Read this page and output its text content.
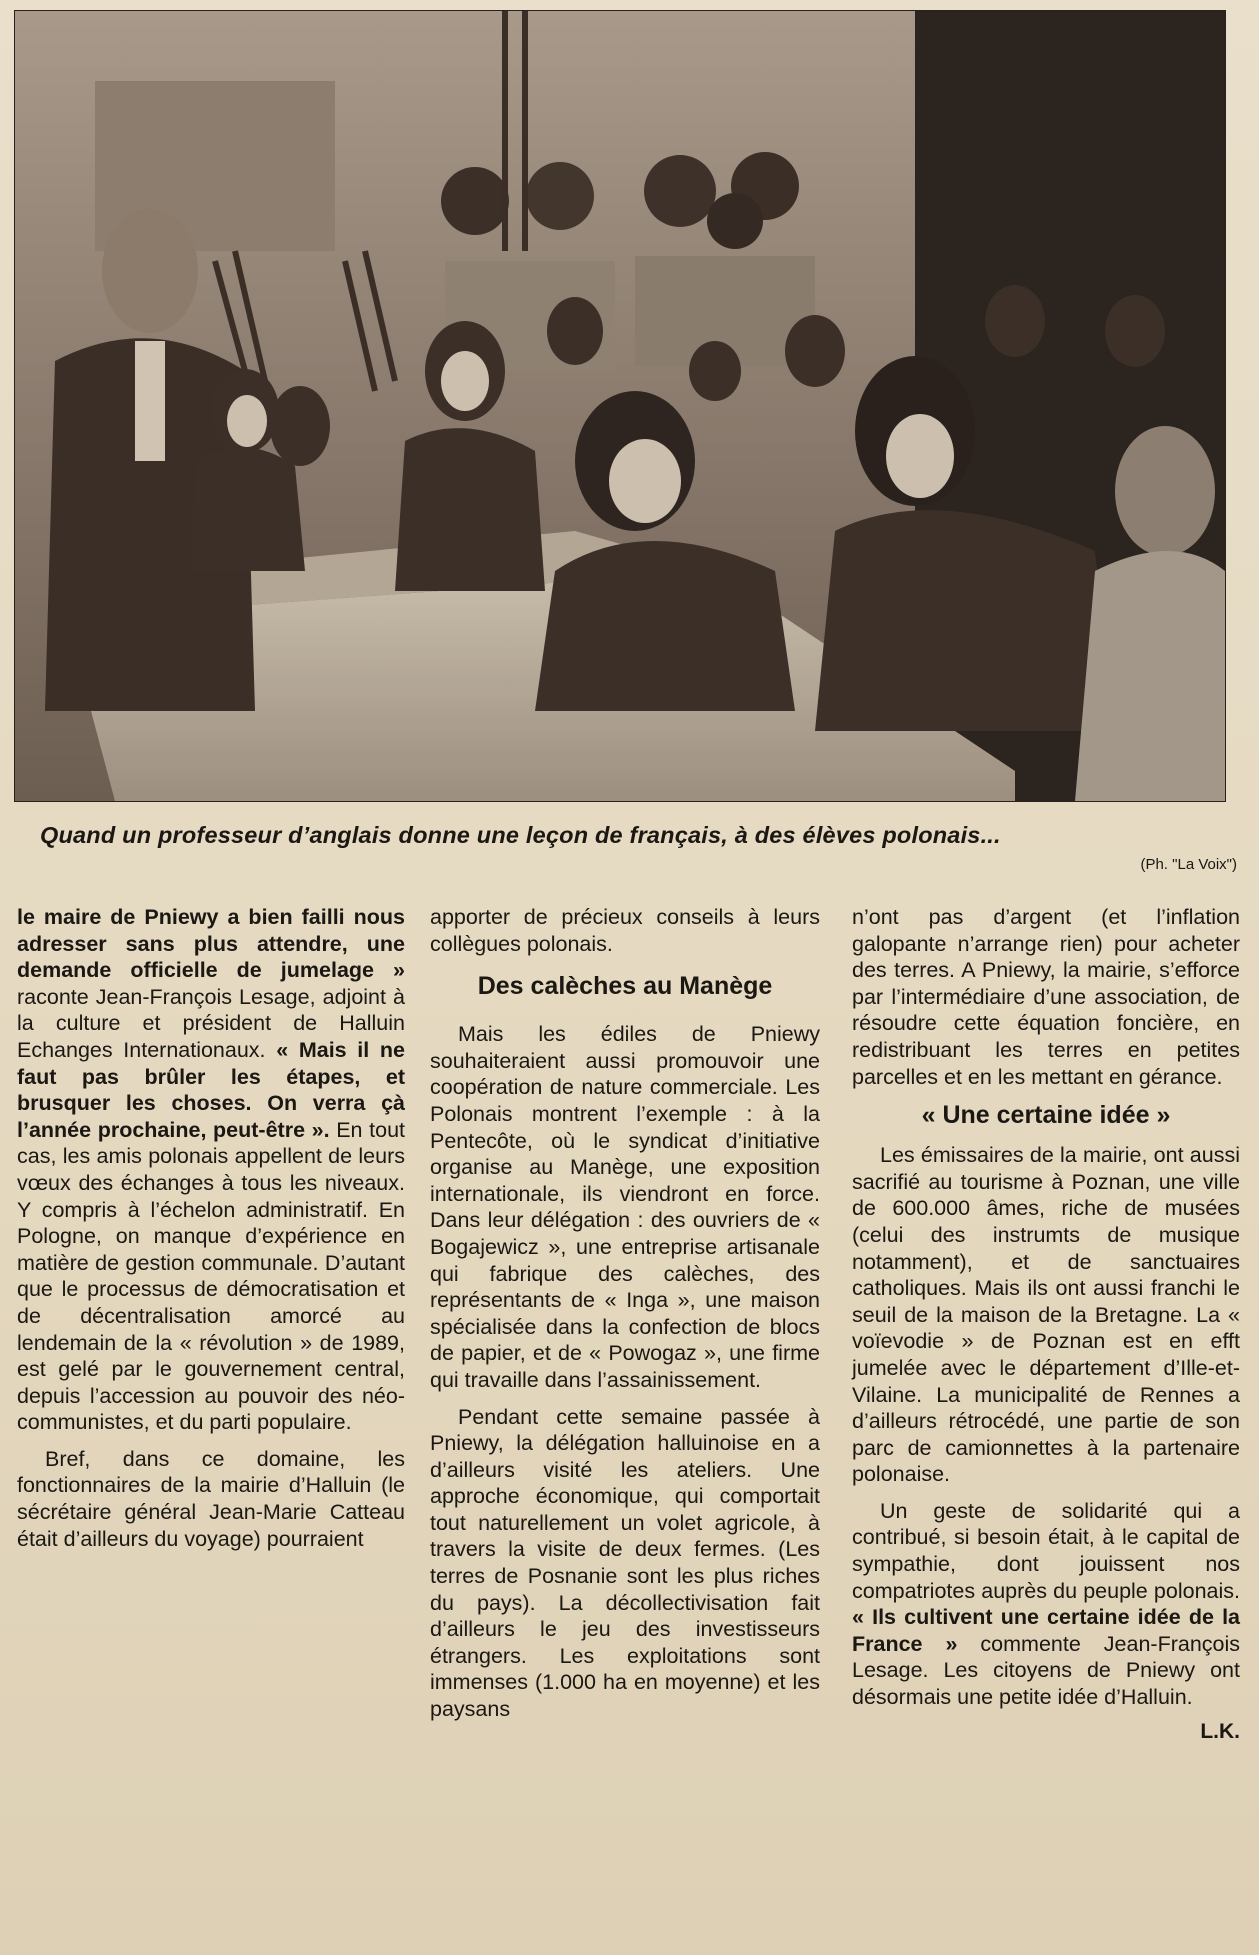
Quand un professeur d’anglais donne une leçon de français, à des élèves polonais...
(Ph. "La Voix")

le maire de Pniewy a bien failli nous adresser sans plus attendre, une demande officielle de jumelage » raconte Jean-François Lesage, adjoint à la culture et président de Halluin Echanges Internationaux. « Mais il ne faut pas brûler les étapes, et brusquer les choses. On verra çà l’année prochaine, peut-être ». En tout cas, les amis polonais appellent de leurs vœux des échanges à tous les niveaux. Y compris à l’échelon administratif. En Pologne, on manque d’expérience en matière de gestion communale. D’autant que le processus de démocratisation et de décentralisation amorcé au lendemain de la « révolution » de 1989, est gelé par le gouvernement central, depuis l’accession au pouvoir des néo-communistes, et du parti populaire.

Bref, dans ce domaine, les fonctionnaires de la mairie d’Halluin (le sécrétaire général Jean-Marie Catteau était d’ailleurs du voyage) pourraient

apporter de précieux conseils à leurs collègues polonais.

Des calèches au Manège

Mais les édiles de Pniewy souhaiteraient aussi promouvoir une coopération de nature commerciale. Les Polonais montrent l’exemple : à la Pentecôte, où le syndicat d’initiative organise au Manège, une exposition internationale, ils viendront en force. Dans leur délégation : des ouvriers de « Bogajewicz », une entreprise artisanale qui fabrique des calèches, des représentants de « Inga », une maison spécialisée dans la confection de blocs de papier, et de « Powogaz », une firme qui travaille dans l’assainissement.

Pendant cette semaine passée à Pniewy, la délégation halluinoise en a d’ailleurs visité les ateliers. Une approche économique, qui comportait tout naturellement un volet agricole, à travers la visite de deux fermes. (Les terres de Posnanie sont les plus riches du pays). La décollectivisation fait d’ailleurs le jeu des investisseurs étrangers. Les exploitations sont immenses (1.000 ha en moyenne) et les paysans

n’ont pas d’argent (et l’inflation galopante n’arrange rien) pour acheter des terres. A Pniewy, la mairie, s’efforce par l’intermédiaire d’une association, de résoudre cette équation foncière, en redistribuant les terres en petites parcelles et en les mettant en gérance.

« Une certaine idée »

Les émissaires de la mairie, ont aussi sacrifié au tourisme à Poznan, une ville de 600.000 âmes, riche de musées (celui des instrumts de musique notamment), et de sanctuaires catholiques. Mais ils ont aussi franchi le seuil de la maison de la Bretagne. La « voïevodie » de Poznan est en efft jumelée avec le département d’Ille-et-Vilaine. La municipalité de Rennes a d’ailleurs rétrocédé, une partie de son parc de camionnettes à la partenaire polonaise.

Un geste de solidarité qui a contribué, si besoin était, à le capital de sympathie, dont jouissent nos compatriotes auprès du peuple polonais. « Ils cultivent une certaine idée de la France » commente Jean-François Lesage. Les citoyens de Pniewy ont désormais une petite idée d’Halluin.

L.K.
